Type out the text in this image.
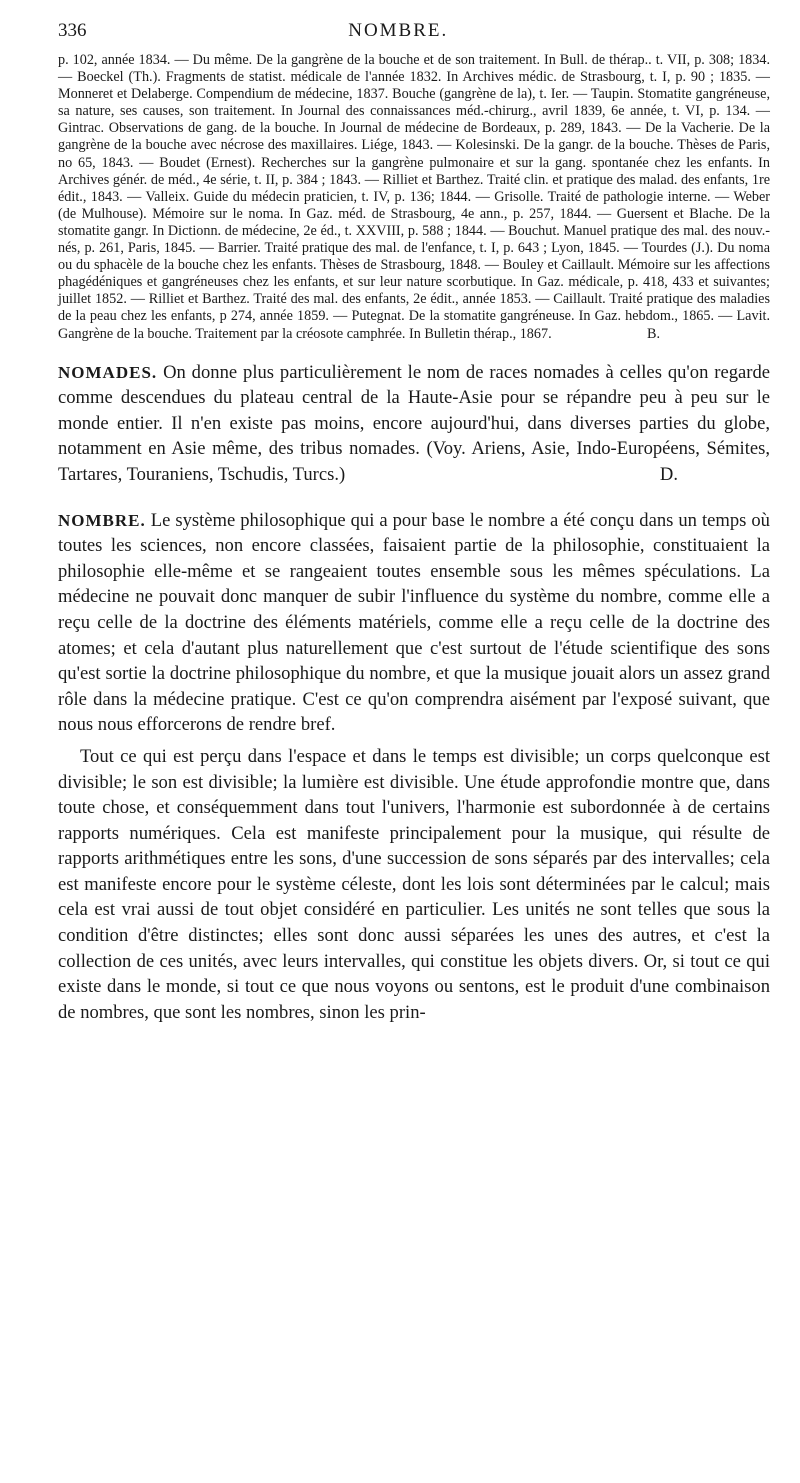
336	NOMBRE.

p. 102, année 1834. — Du même. De la gangrène de la bouche et de son traitement. In Bull. de thérap.. t. VII, p. 308; 1834. — Boeckel (Th.). Fragments de statist. médicale de l'année 1832. In Archives médic. de Strasbourg, t. I, p. 90 ; 1835. — Monneret et Delaberge. Compendium de médecine, 1837. Bouche (gangrène de la), t. Ier. — Taupin. Stomatite gangréneuse, sa nature, ses causes, son traitement. In Journal des connaissances méd.-chirurg., avril 1839, 6e année, t. VI, p. 134. — Gintrac. Observations de gang. de la bouche. In Journal de médecine de Bordeaux, p. 289, 1843. — De la Vacherie. De la gangrène de la bouche avec nécrose des maxillaires. Liége, 1843. — Kolesinski. De la gangr. de la bouche. Thèses de Paris, no 65, 1843. — Boudet (Ernest). Recherches sur la gangrène pulmonaire et sur la gang. spontanée chez les enfants. In Archives génér. de méd., 4e série, t. II, p. 384 ; 1843. — Rilliet et Barthez. Traité clin. et pratique des malad. des enfants, 1re édit., 1843. — Valleix. Guide du médecin praticien, t. IV, p. 136; 1844. — Grisolle. Traité de pathologie interne. — Weber (de Mulhouse). Mémoire sur le noma. In Gaz. méd. de Strasbourg, 4e ann., p. 257, 1844. — Guersent et Blache. De la stomatite gangr. In Dictionn. de médecine, 2e éd., t. XXVIII, p. 588 ; 1844. — Bouchut. Manuel pratique des mal. des nouv.-nés, p. 261, Paris, 1845. — Barrier. Traité pratique des mal. de l'enfance, t. I, p. 643 ; Lyon, 1845. — Tourdes (J.). Du noma ou du sphacèle de la bouche chez les enfants. Thèses de Strasbourg, 1848. — Bouley et Caillault. Mémoire sur les affections phagédéniques et gangréneuses chez les enfants, et sur leur nature scorbutique. In Gaz. médicale, p. 418, 433 et suivantes; juillet 1852. — Rilliet et Barthez. Traité des mal. des enfants, 2e édit., année 1853. — Caillault. Traité pratique des maladies de la peau chez les enfants, p 274, année 1859. — Putegnat. De la stomatite gangréneuse. In Gaz. hebdom., 1865. — Lavit. Gangrène de la bouche. Traitement par la créosote camphrée. In Bulletin thérap., 1867.	B.

NOMADES. On donne plus particulièrement le nom de races nomades à celles qu'on regarde comme descendues du plateau central de la Haute-Asie pour se répandre peu à peu sur le monde entier. Il n'en existe pas moins, encore aujourd'hui, dans diverses parties du globe, notamment en Asie même, des tribus nomades. (Voy. Ariens, Asie, Indo-Européens, Sémites, Tartares, Touraniens, Tschudis, Turcs.)	D.

NOMBRE. Le système philosophique qui a pour base le nombre a été conçu dans un temps où toutes les sciences, non encore classées, faisaient partie de la philosophie, constituaient la philosophie elle-même et se rangeaient toutes ensemble sous les mêmes spéculations. La médecine ne pouvait donc manquer de subir l'influence du système du nombre, comme elle a reçu celle de la doctrine des éléments matériels, comme elle a reçu celle de la doctrine des atomes; et cela d'autant plus naturellement que c'est surtout de l'étude scientifique des sons qu'est sortie la doctrine philosophique du nombre, et que la musique jouait alors un assez grand rôle dans la médecine pratique. C'est ce qu'on comprendra aisément par l'exposé suivant, que nous nous efforcerons de rendre bref.

Tout ce qui est perçu dans l'espace et dans le temps est divisible; un corps quelconque est divisible; le son est divisible; la lumière est divisible. Une étude approfondie montre que, dans toute chose, et conséquemment dans tout l'univers, l'harmonie est subordonnée à de certains rapports numériques. Cela est manifeste principalement pour la musique, qui résulte de rapports arithmétiques entre les sons, d'une succession de sons séparés par des intervalles; cela est manifeste encore pour le système céleste, dont les lois sont déterminées par le calcul; mais cela est vrai aussi de tout objet considéré en particulier. Les unités ne sont telles que sous la condition d'être distinctes; elles sont donc aussi séparées les unes des autres, et c'est la collection de ces unités, avec leurs intervalles, qui constitue les objets divers. Or, si tout ce qui existe dans le monde, si tout ce que nous voyons ou sentons, est le produit d'une combinaison de nombres, que sont les nombres, sinon les prin-
